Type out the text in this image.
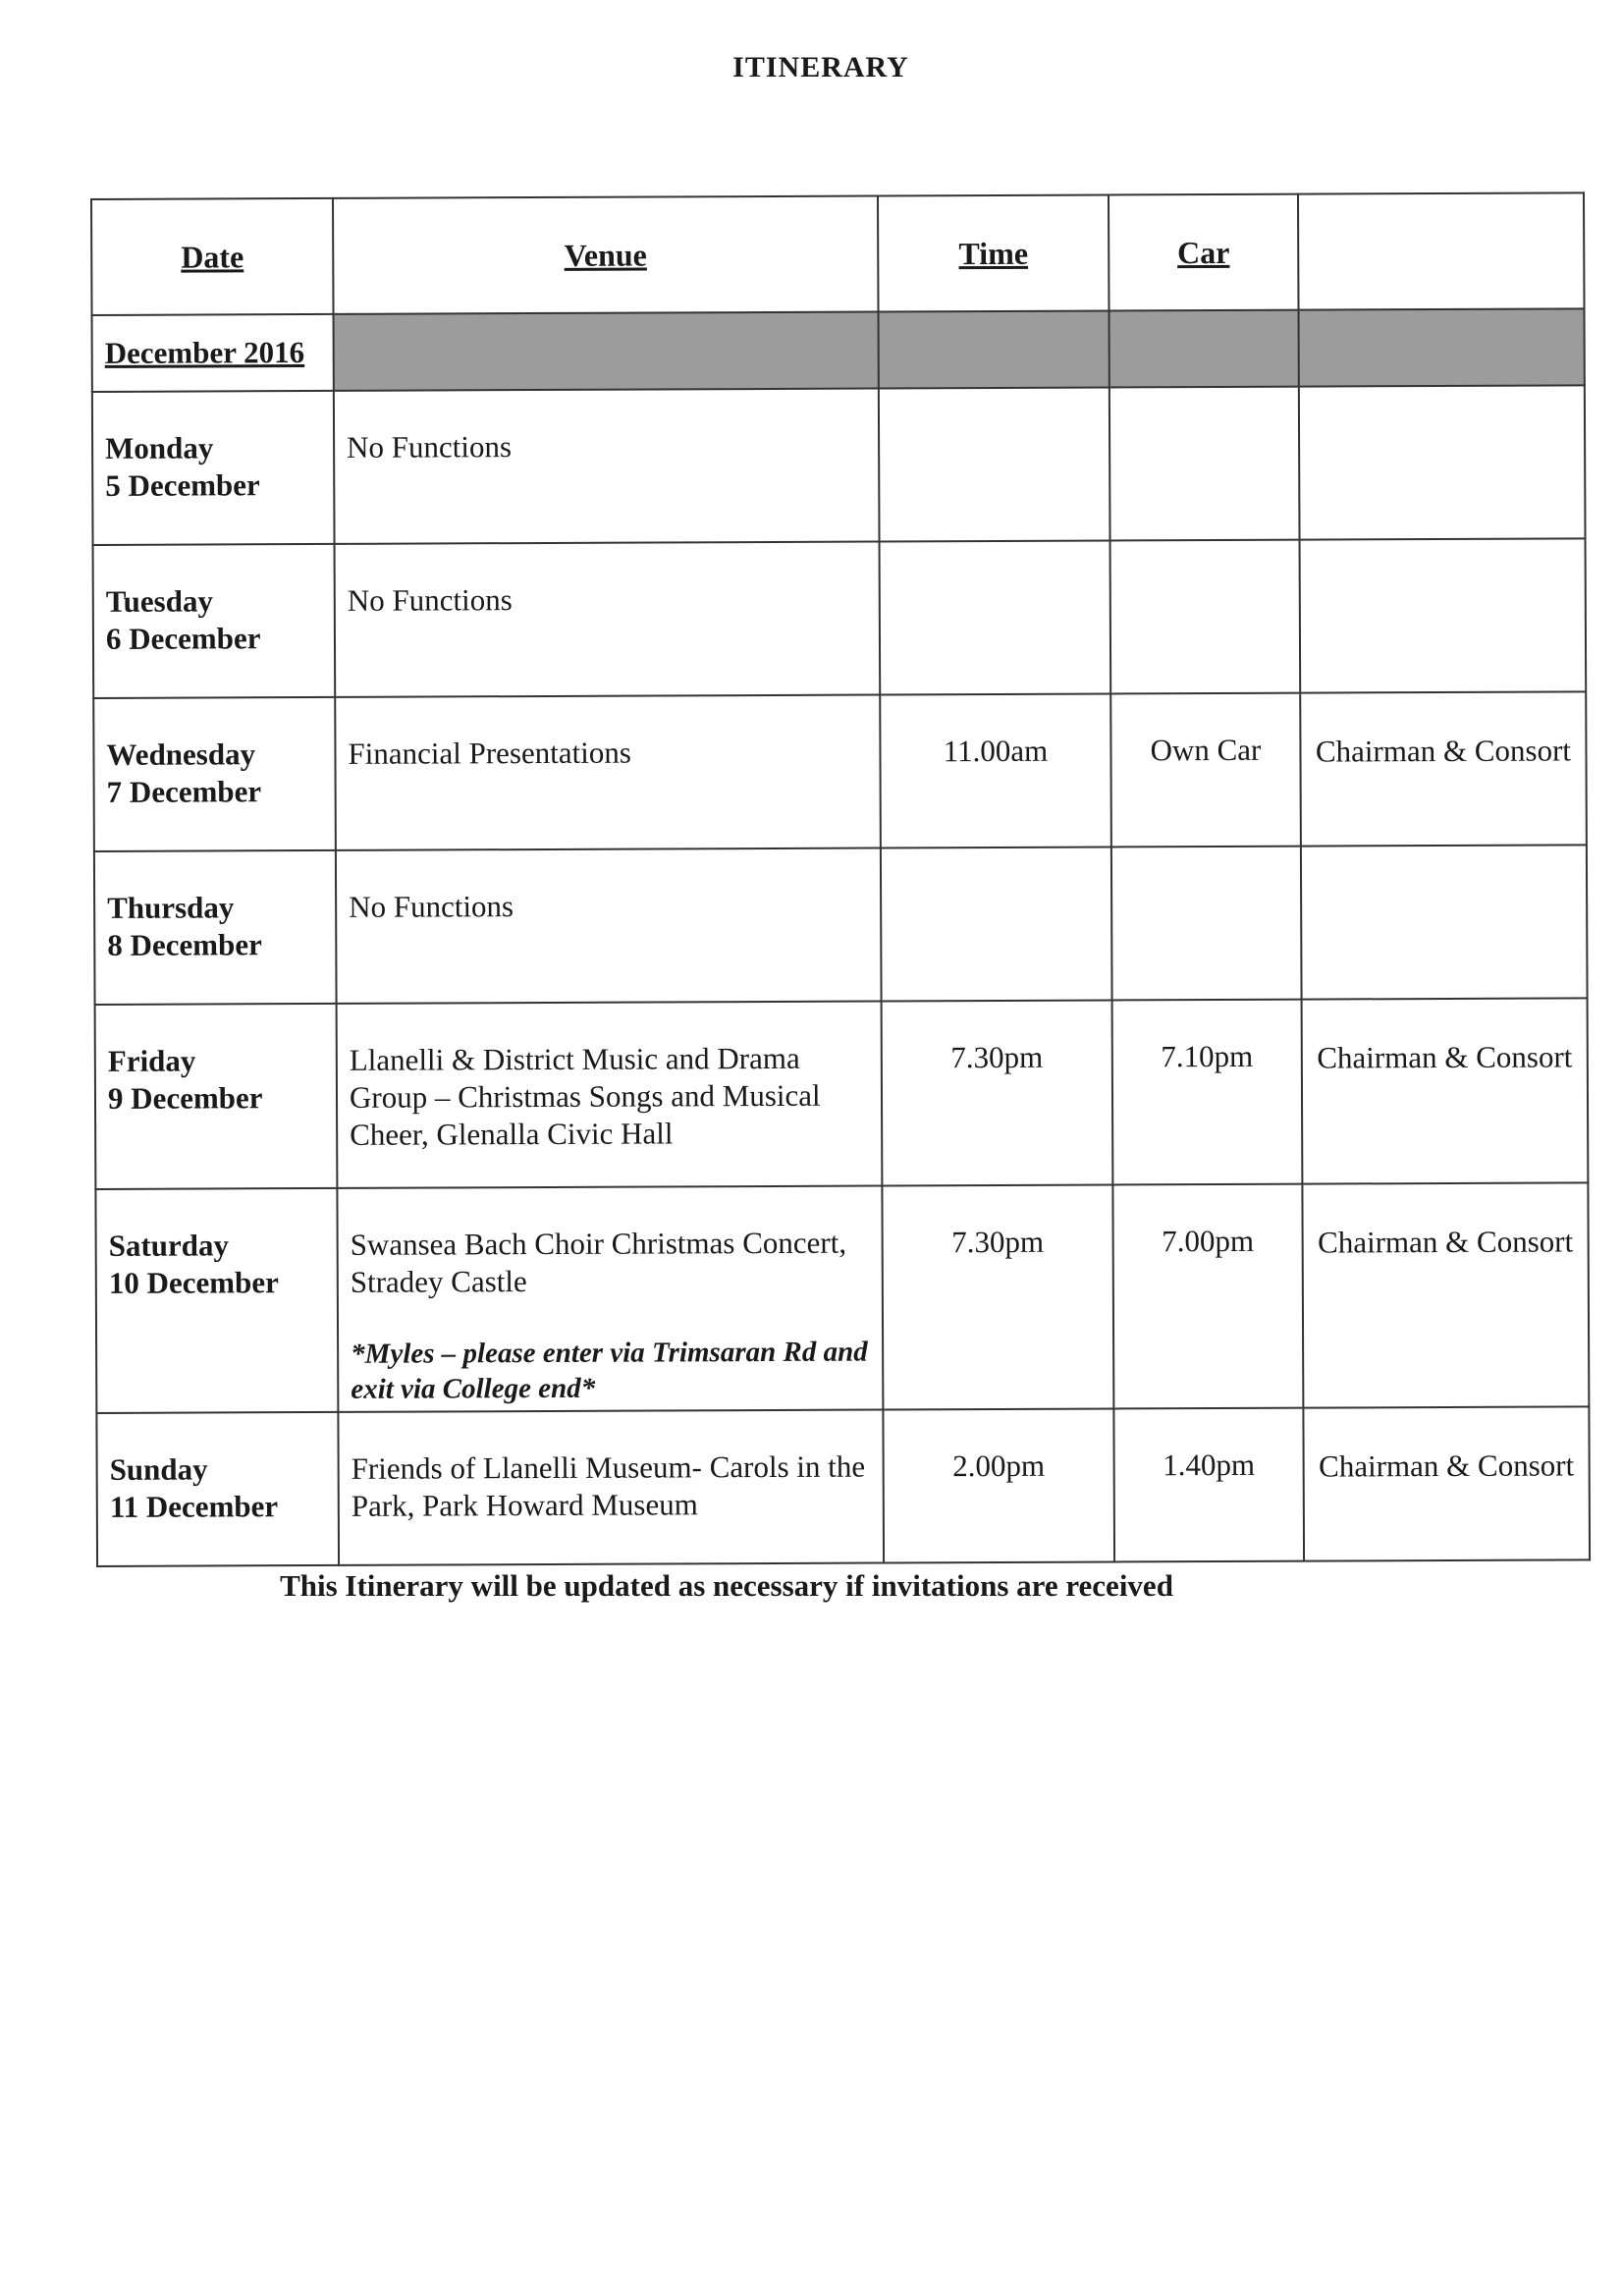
ITINERARY
Date	Venue	Time	Car	
December 2016				

Monday
5 December	No Functions			

Tuesday
6 December	No Functions			

Wednesday
7 December	Financial Presentations	11.00am	Own Car	Chairman & Consort

Thursday
8 December	No Functions			

Friday
9 December	Llanelli & District Music and Drama Group – Christmas Songs and Musical Cheer, Glenalla Civic Hall	7.30pm	7.10pm	Chairman & Consort

Saturday
10 December	Swansea Bach Choir Christmas Concert, Stradey Castle
*Myles – please enter via Trimsaran Rd and exit via College end*	7.30pm	7.00pm	Chairman & Consort

Sunday
11 December	Friends of Llanelli Museum- Carols in the Park, Park Howard Museum	2.00pm	1.40pm	Chairman & Consort
This Itinerary will be updated as necessary if invitations are received
